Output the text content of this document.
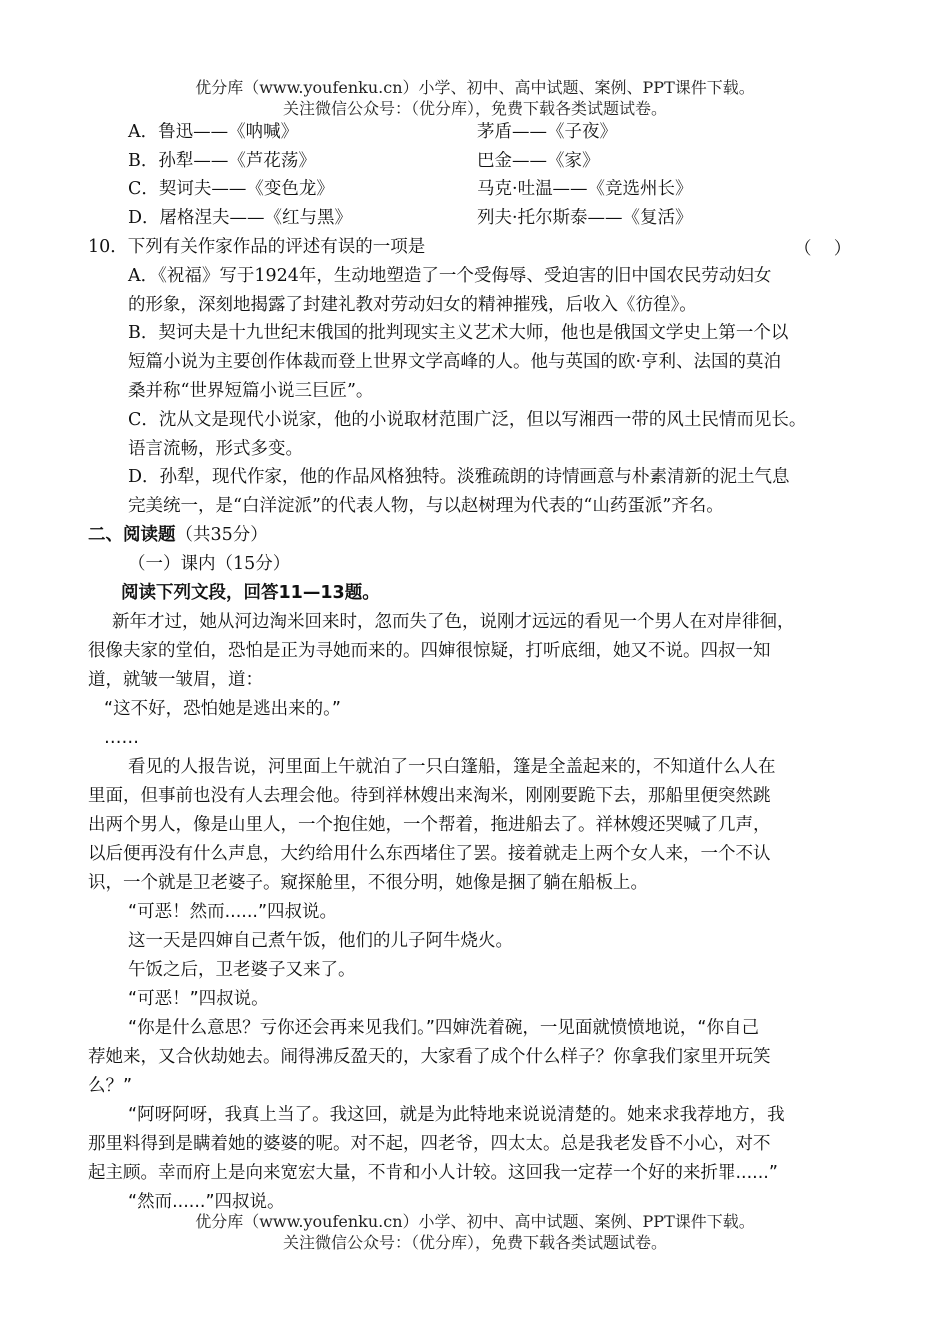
优分库（www.youfenku.cn）小学、初中、高中试题、案例、PPT课件下载。
关注微信公众号：（优分库），免费下载各类试题试卷。
A．鲁迅——《呐喊》	茅盾——《子夜》
B．孙犁——《芦花荡》	巴金——《家》
C．契诃夫——《变色龙》	马克·吐温——《竞选州长》
D．屠格涅夫——《红与黑》	列夫·托尔斯泰——《复活》
10．下列有关作家作品的评述有误的一项是	（    ）
A．《祝福》写于1924年，生动地塑造了一个受侮辱、受迫害的旧中国农民劳动妇女
的形象，深刻地揭露了封建礼教对劳动妇女的精神摧残，后收入《彷徨》。
B．契诃夫是十九世纪末俄国的批判现实主义艺术大师，他也是俄国文学史上第一个以
短篇小说为主要创作体裁而登上世界文学高峰的人。他与英国的欧·亨利、法国的莫泊
桑并称“世界短篇小说三巨匠”。
C．沈从文是现代小说家，他的小说取材范围广泛，但以写湘西一带的风土民情而见长。
语言流畅，形式多变。
D．孙犁，现代作家，他的作品风格独特。淡雅疏朗的诗情画意与朴素清新的泥土气息
完美统一，是“白洋淀派”的代表人物，与以赵树理为代表的“山药蛋派”齐名。
二、阅读题（共35分）
（一）课内（15分）
阅读下列文段，回答11—13题。
新年才过，她从河边淘米回来时，忽而失了色，说刚才远远的看见一个男人在对岸徘徊，
很像夫家的堂伯，恐怕是正为寻她而来的。四婶很惊疑，打听底细，她又不说。四叔一知
道，就皱一皱眉，道：
“这不好，恐怕她是逃出来的。”
……
看见的人报告说，河里面上午就泊了一只白篷船，篷是全盖起来的，不知道什么人在
里面，但事前也没有人去理会他。待到祥林嫂出来淘米，刚刚要跪下去，那船里便突然跳
出两个男人，像是山里人，一个抱住她，一个帮着，拖进船去了。祥林嫂还哭喊了几声，
以后便再没有什么声息，大约给用什么东西堵住了罢。接着就走上两个女人来，一个不认
识，一个就是卫老婆子。窥探舱里，不很分明，她像是捆了躺在船板上。
“可恶！然而......”四叔说。
这一天是四婶自己煮午饭，他们的儿子阿牛烧火。
午饭之后，卫老婆子又来了。
“可恶！”四叔说。
“你是什么意思？亏你还会再来见我们。”四婶洗着碗，一见面就愤愤地说，“你自己
荐她来，又合伙劫她去。闹得沸反盈天的，大家看了成个什么样子？你拿我们家里开玩笑
么？”
“阿呀阿呀，我真上当了。我这回，就是为此特地来说说清楚的。她来求我荐地方，我
那里料得到是瞒着她的婆婆的呢。对不起，四老爷，四太太。总是我老发昏不小心，对不
起主顾。幸而府上是向来宽宏大量，不肯和小人计较。这回我一定荐一个好的来折罪......”
“然而......”四叔说。
优分库（www.youfenku.cn）小学、初中、高中试题、案例、PPT课件下载。
关注微信公众号：（优分库），免费下载各类试题试卷。
